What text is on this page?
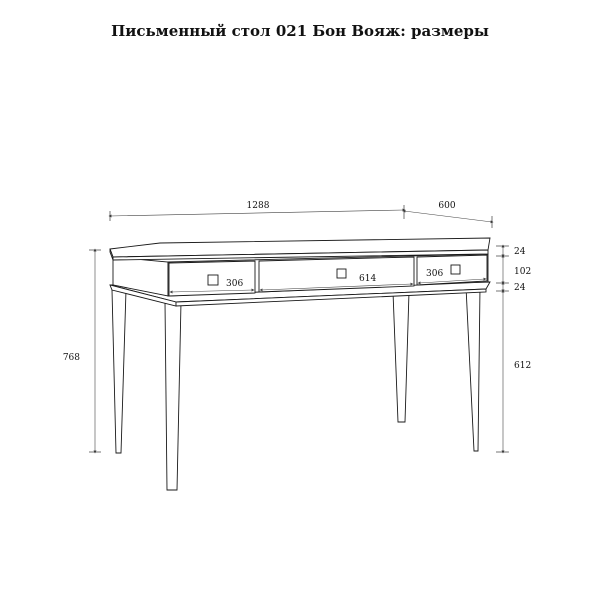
Письменный стол 021 Бон Вояж: размеры
1288	600
768
24
102
24
612
306	614	306
